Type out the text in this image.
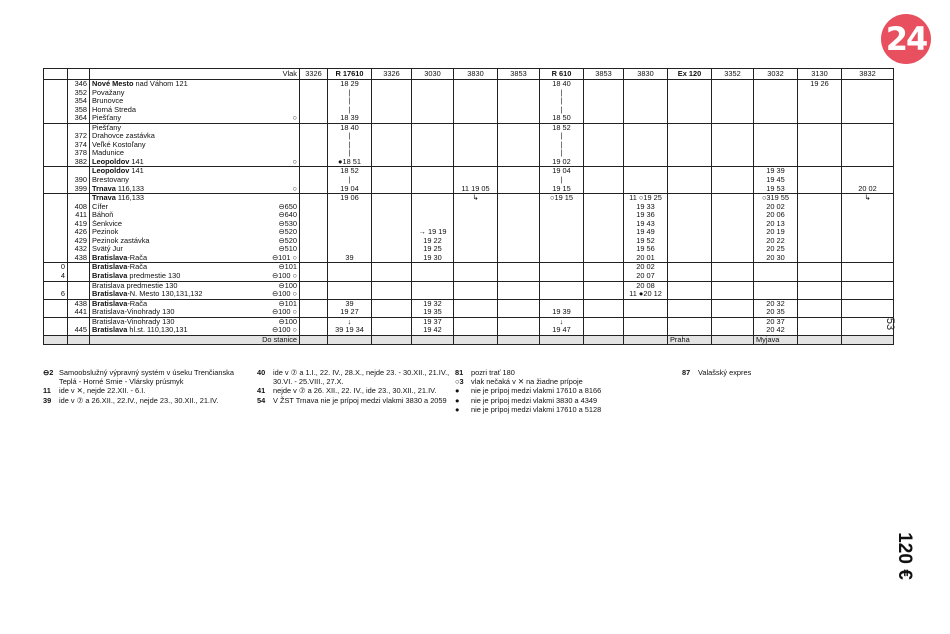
24
53
120 €
		Vlak	3326	R 17610	3326	3030	3830	3853	R 610	3853	3830	Ex 120	3352	3032	3130	3832
	346	Nové Mesto nad Váhom 121		18 29					18 40						19 26	
	352	Považany		|					|							
	354	Brunovce		|					|							
	358	Horná Streda		|					|							
	364	Piešťany ○		18 39					18 50							
		Piešťany		18 40					18 52							
	372	Drahovce zastávka		|					|							
	374	Veľké Kostoľany		|					|							
	378	Madunice		|					|							
	382	Leopoldov 141 ○		●18 51					19 02							
		Leopoldov 141		18 52					19 04					19 39		
	390	Brestovany		|					|					19 45		
	399	Trnava 116,133 ○		19 04			11 19 05		19 15					19 53		20 02
		Trnava 116,133		19 06			↳		○19 15		11 ○19 25			○319 55		↳
	408	Cífer ⊖650									19 33			20 02		
	411	Báhoň ⊖640									19 36			20 06		
	419	Šenkvice ⊖530									19 43			20 13		
	426	Pezinok ⊖520				→ 19 19					19 49			20 19		
	429	Pezinok zastávka ⊖520				19 22					19 52			20 22		
	432	Svätý Jur ⊖510				19 25					19 56			20 25		
	438	Bratislava-Rača ⊖101 ○		39		19 30					20 01			20 30		
0		Bratislava-Rača ⊖101									20 02					
4		Bratislava predmestie 130 ⊖100 ○									20 07					
		Bratislava predmestie 130 ⊖100									20 08					
6		Bratislava-N. Mesto 130,131,132 ⊖100 ○									11 ●20 12					
	438	Bratislava-Rača ⊖101		39		19 32								20 32		
	441	Bratislava-Vinohrady 130 ⊖100 ○		19 27		19 35			19 39					20 35		
		Bratislava-Vinohrady 130 ⊖100		↓		19 37			↓					20 37		
	445	Bratislava hl.st. 110,130,131 ⊖100 ○		39 19 34		19 42			19 47					20 42		
		Do stanice										Praha		Myjava		
⊖2 Samoobslužný výpravný systém v úseku Trenčianska Teplá - Horné Srnie - Vlársky prúsmyk
11	ide v ✕, nejde 22.XII. - 6.I.
39	ide v ⑦ a 26.XII., 22.IV., nejde 23., 30.XII., 21.IV.
40	ide v ⑦ a 1.I., 22. IV., 28.X., nejde 23. - 30.XII., 21.IV., 30.VI. - 25.VIII., 27.X.
41	nejde v ⑦ a 26. XII., 22. IV., ide 23., 30.XII., 21.IV.
54	V ŽST Trnava nie je prípoj medzi vlakmi 3830 a 2059
81	pozri trať 180
○3	vlak nečaká v ✕ na žiadne prípoje
●	nie je prípoj medzi vlakmi 17610 a 8166
●	nie je prípoj medzi vlakmi 3830 a 4349
●	nie je prípoj medzi vlakmi 17610 a 5128
87	Valašský expres
